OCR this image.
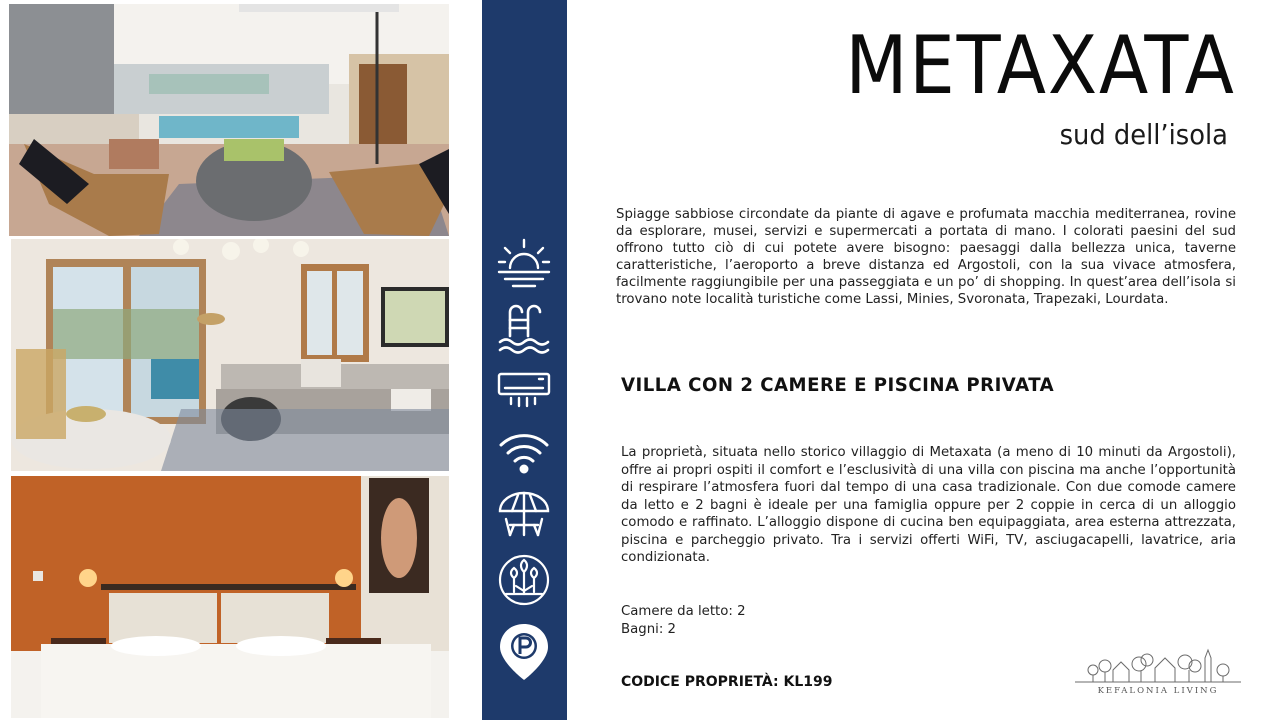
METAXATA
sud dell’isola

Spiagge sabbiose circondate da piante di agave e profumata macchia mediterranea, rovine da esplorare, musei, servizi e supermercati a portata di mano. I colorati paesini del sud offrono tutto ciò di cui potete avere bisogno: paesaggi dalla bellezza unica, taverne caratteristiche, l’aeroporto a breve distanza ed Argostoli, con la sua vivace atmosfera, facilmente raggiungibile per una passeggiata e un po’ di shopping. In quest’area dell’isola si trovano note località turistiche come Lassi, Minies, Svoronata, Trapezaki, Lourdata.

VILLA CON 2 CAMERE E PISCINA PRIVATA

La proprietà, situata nello storico villaggio di Metaxata (a meno di 10 minuti da Argostoli), offre ai propri ospiti il comfort e l’esclusività di una villa con piscina ma anche l’opportunità di respirare l’atmosfera fuori dal tempo di una casa tradizionale. Con due comode camere da letto e 2 bagni è ideale per una famiglia oppure per 2 coppie in cerca di un alloggio comodo e raffinato. L’alloggio dispone di cucina ben equipaggiata, area esterna attrezzata, piscina e parcheggio privato. Tra i servizi offerti WiFi, TV, asciugacapelli, lavatrice, aria condizionata.

Camere da letto: 2
Bagni: 2
CODICE PROPRIETÀ: KL199
KEFALONIA LIVING
